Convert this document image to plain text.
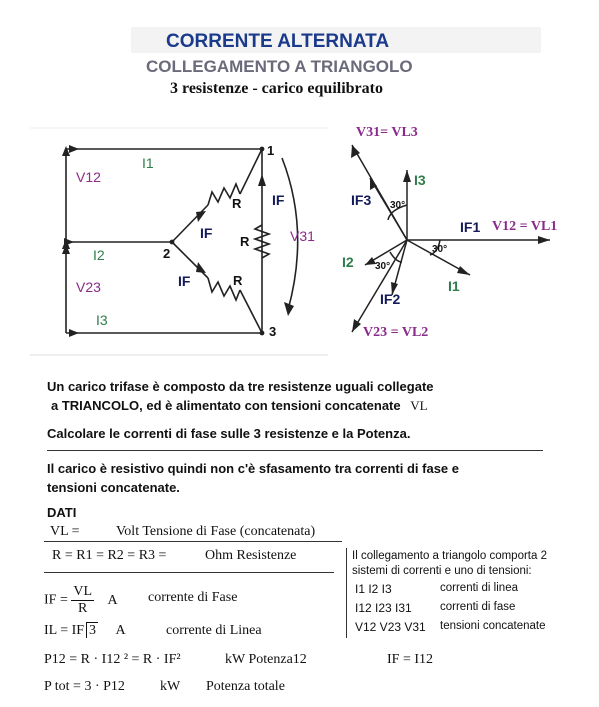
CORRENTE ALTERNATA
COLLEGAMENTO A TRIANGOLO
3 resistenze - carico equilibrato
V12
V23
V31
I1
I2
I3
1
2
3
IF
IF
IF
R
R
R
V31= VL3
I3
IF3 30°
IF1 V12 = VL1
30°
I2 30°
I1
IF2
V23 = VL2
Un carico trifase è composto da tre resistenze uguali collegate
a TRIANCOLO, ed è alimentato con tensioni concatenate VL
Calcolare le correnti di fase sulle 3 resistenze e la Potenza.
Il carico è resistivo quindi non c'è sfasamento tra correnti di fase e
tensioni concatenate.
DATI
VL =	Volt Tensione di Fase (concatenata)
R = R1 = R2 = R3 =	Ohm Resistenze
IF = $\frac{VL}{R}$ A corrente di Fase
IL = IF 3 A	corrente di Linea
P12 = R · I12 ² = R · IF²	kW Potenza12	IF = I12
P tot = 3 · P12	kW Potenza totale
Il collegamento a triangolo comporta 2
sistemi di correnti e uno di tensioni:
I1 I2 I3	correnti di linea
I12 I23 I31 correnti di fase
V12 V23 V31 tensioni concatenate
